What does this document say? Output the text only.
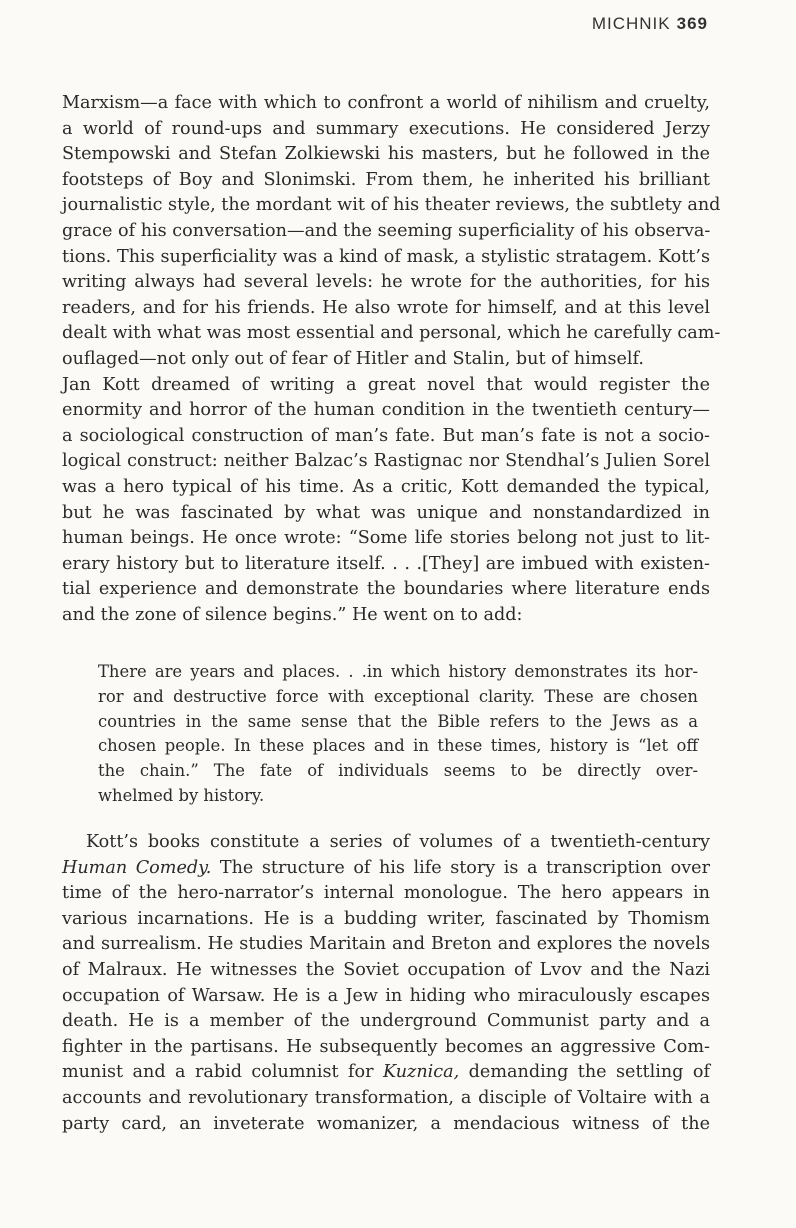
MICHNIK 369
Marxism—a face with which to confront a world of nihilism and cruelty,
a world of round-ups and summary executions. He considered Jerzy
Stempowski and Stefan Zolkiewski his masters, but he followed in the
footsteps of Boy and Slonimski. From them, he inherited his brilliant
journalistic style, the mordant wit of his theater reviews, the subtlety and
grace of his conversation—and the seeming superficiality of his observa-
tions. This superficiality was a kind of mask, a stylistic stratagem. Kott’s
writing always had several levels: he wrote for the authorities, for his
readers, and for his friends. He also wrote for himself, and at this level
dealt with what was most essential and personal, which he carefully cam-
ouflaged—not only out of fear of Hitler and Stalin, but of himself.
Jan Kott dreamed of writing a great novel that would register the
enormity and horror of the human condition in the twentieth century—
a sociological construction of man’s fate. But man’s fate is not a socio-
logical construct: neither Balzac’s Rastignac nor Stendhal’s Julien Sorel
was a hero typical of his time. As a critic, Kott demanded the typical,
but he was fascinated by what was unique and nonstandardized in
human beings. He once wrote: “Some life stories belong not just to lit-
erary history but to literature itself. . . .[They] are imbued with existen-
tial experience and demonstrate the boundaries where literature ends
and the zone of silence begins.” He went on to add:
There are years and places. . .in which history demonstrates its hor-
ror and destructive force with exceptional clarity. These are chosen
countries in the same sense that the Bible refers to the Jews as a
chosen people. In these places and in these times, history is “let off
the chain.” The fate of individuals seems to be directly over-
whelmed by history.
Kott’s books constitute a series of volumes of a twentieth-century
Human Comedy. The structure of his life story is a transcription over
time of the hero-narrator’s internal monologue. The hero appears in
various incarnations. He is a budding writer, fascinated by Thomism
and surrealism. He studies Maritain and Breton and explores the novels
of Malraux. He witnesses the Soviet occupation of Lvov and the Nazi
occupation of Warsaw. He is a Jew in hiding who miraculously escapes
death. He is a member of the underground Communist party and a
fighter in the partisans. He subsequently becomes an aggressive Com-
munist and a rabid columnist for Kuznica, demanding the settling of
accounts and revolutionary transformation, a disciple of Voltaire with a
party card, an inveterate womanizer, a mendacious witness of the
